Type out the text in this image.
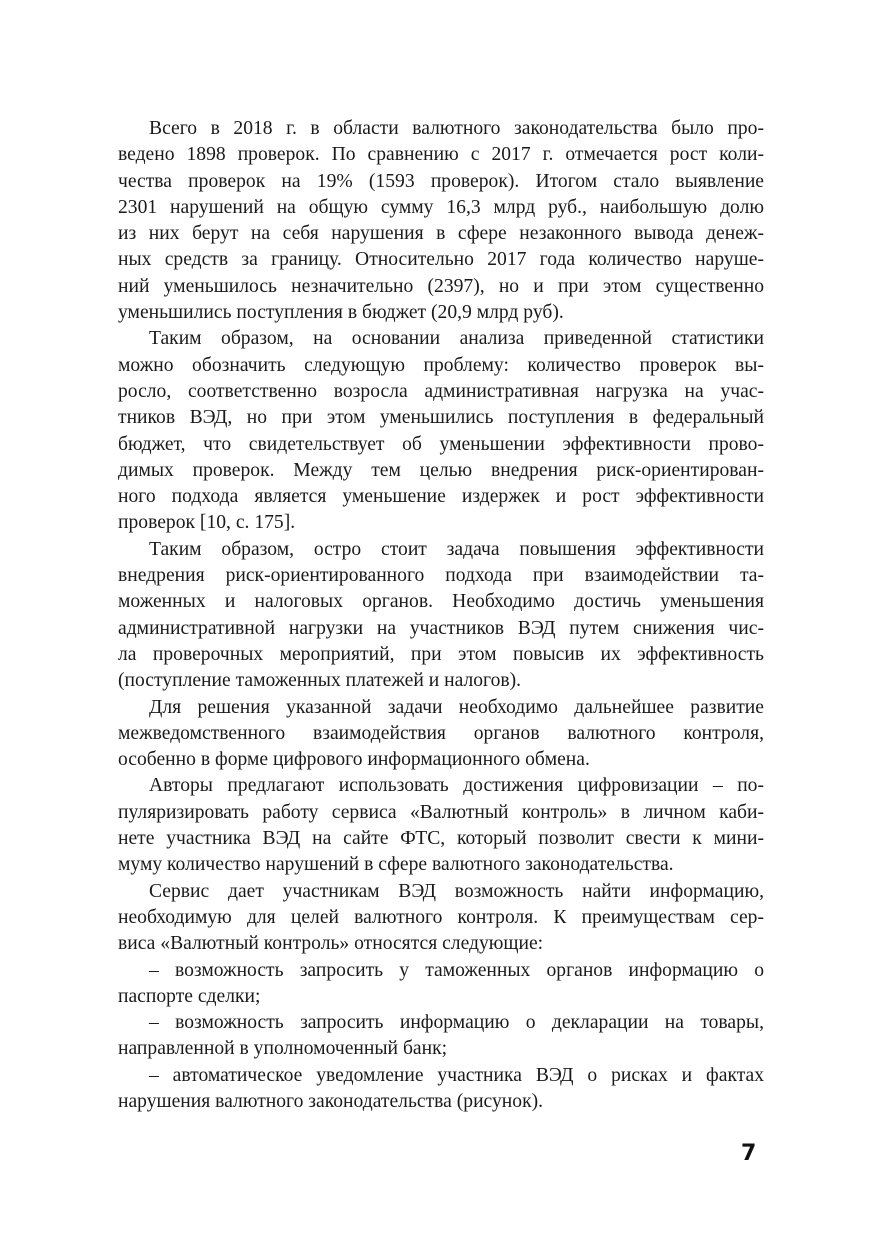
Всего в 2018 г. в области валютного законодательства было про-
ведено 1898 проверок. По сравнению с 2017 г. отмечается рост коли-
чества проверок на 19% (1593 проверок). Итогом стало выявление
2301 нарушений на общую сумму 16,3 млрд руб., наибольшую долю
из них берут на себя нарушения в сфере незаконного вывода денеж-
ных средств за границу. Относительно 2017 года количество наруше-
ний уменьшилось незначительно (2397), но и при этом существенно
уменьшились поступления в бюджет (20,9 млрд руб).
Таким образом, на основании анализа приведенной статистики
можно обозначить следующую проблему: количество проверок вы-
росло, соответственно возросла административная нагрузка на учас-
тников ВЭД, но при этом уменьшились поступления в федеральный
бюджет, что свидетельствует об уменьшении эффективности прово-
димых проверок. Между тем целью внедрения риск-ориентирован-
ного подхода является уменьшение издержек и рост эффективности
проверок [10, с. 175].
Таким образом, остро стоит задача повышения эффективности
внедрения риск-ориентированного подхода при взаимодействии та-
моженных и налоговых органов. Необходимо достичь уменьшения
административной нагрузки на участников ВЭД путем снижения чис-
ла проверочных мероприятий, при этом повысив их эффективность
(поступление таможенных платежей и налогов).
Для решения указанной задачи необходимо дальнейшее развитие
межведомственного взаимодействия органов валютного контроля,
особенно в форме цифрового информационного обмена.
Авторы предлагают использовать достижения цифровизации – по-
пуляризировать работу сервиса «Валютный контроль» в личном каби-
нете участника ВЭД на сайте ФТС, который позволит свести к мини-
муму количество нарушений в сфере валютного законодательства.
Сервис дает участникам ВЭД возможность найти информацию,
необходимую для целей валютного контроля. К преимуществам сер-
виса «Валютный контроль» относятся следующие:
– возможность запросить у таможенных органов информацию о
паспорте сделки;
– возможность запросить информацию о декларации на товары,
направленной в уполномоченный банк;
– автоматическое уведомление участника ВЭД о рисках и фактах
нарушения валютного законодательства (рисунок).
7
